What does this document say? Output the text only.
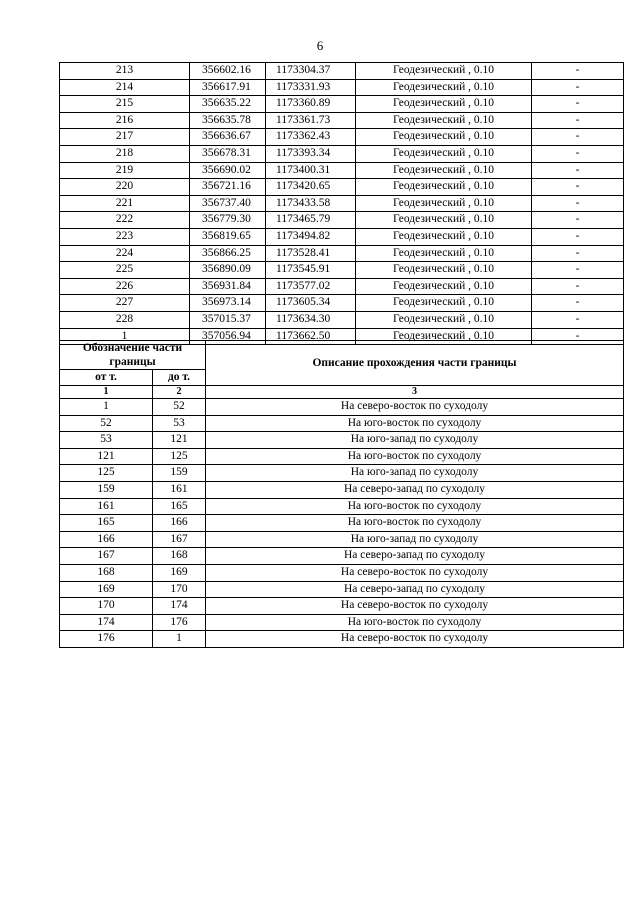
6
213	356602.16	1173304.37	Геодезический , 0.10	-
214	356617.91	1173331.93	Геодезический , 0.10	-
215	356635.22	1173360.89	Геодезический , 0.10	-
216	356635.78	1173361.73	Геодезический , 0.10	-
217	356636.67	1173362.43	Геодезический , 0.10	-
218	356678.31	1173393.34	Геодезический , 0.10	-
219	356690.02	1173400.31	Геодезический , 0.10	-
220	356721.16	1173420.65	Геодезический , 0.10	-
221	356737.40	1173433.58	Геодезический , 0.10	-
222	356779.30	1173465.79	Геодезический , 0.10	-
223	356819.65	1173494.82	Геодезический , 0.10	-
224	356866.25	1173528.41	Геодезический , 0.10	-
225	356890.09	1173545.91	Геодезический , 0.10	-
226	356931.84	1173577.02	Геодезический , 0.10	-
227	356973.14	1173605.34	Геодезический , 0.10	-
228	357015.37	1173634.30	Геодезический , 0.10	-
1	357056.94	1173662.50	Геодезический , 0.10	-
Обозначение части границы		Описание прохождения части границы
от т.	до т.	
1	2	3
1	52	На северо-восток по суходолу
52	53	На юго-восток по суходолу
53	121	На юго-запад по суходолу
121	125	На юго-восток по суходолу
125	159	На юго-запад по суходолу
159	161	На северо-запад по суходолу
161	165	На юго-восток по суходолу
165	166	На юго-восток по суходолу
166	167	На юго-запад по суходолу
167	168	На северо-запад по суходолу
168	169	На северо-восток по суходолу
169	170	На северо-запад по суходолу
170	174	На северо-восток по суходолу
174	176	На юго-восток по суходолу
176	1	На северо-восток по суходолу
